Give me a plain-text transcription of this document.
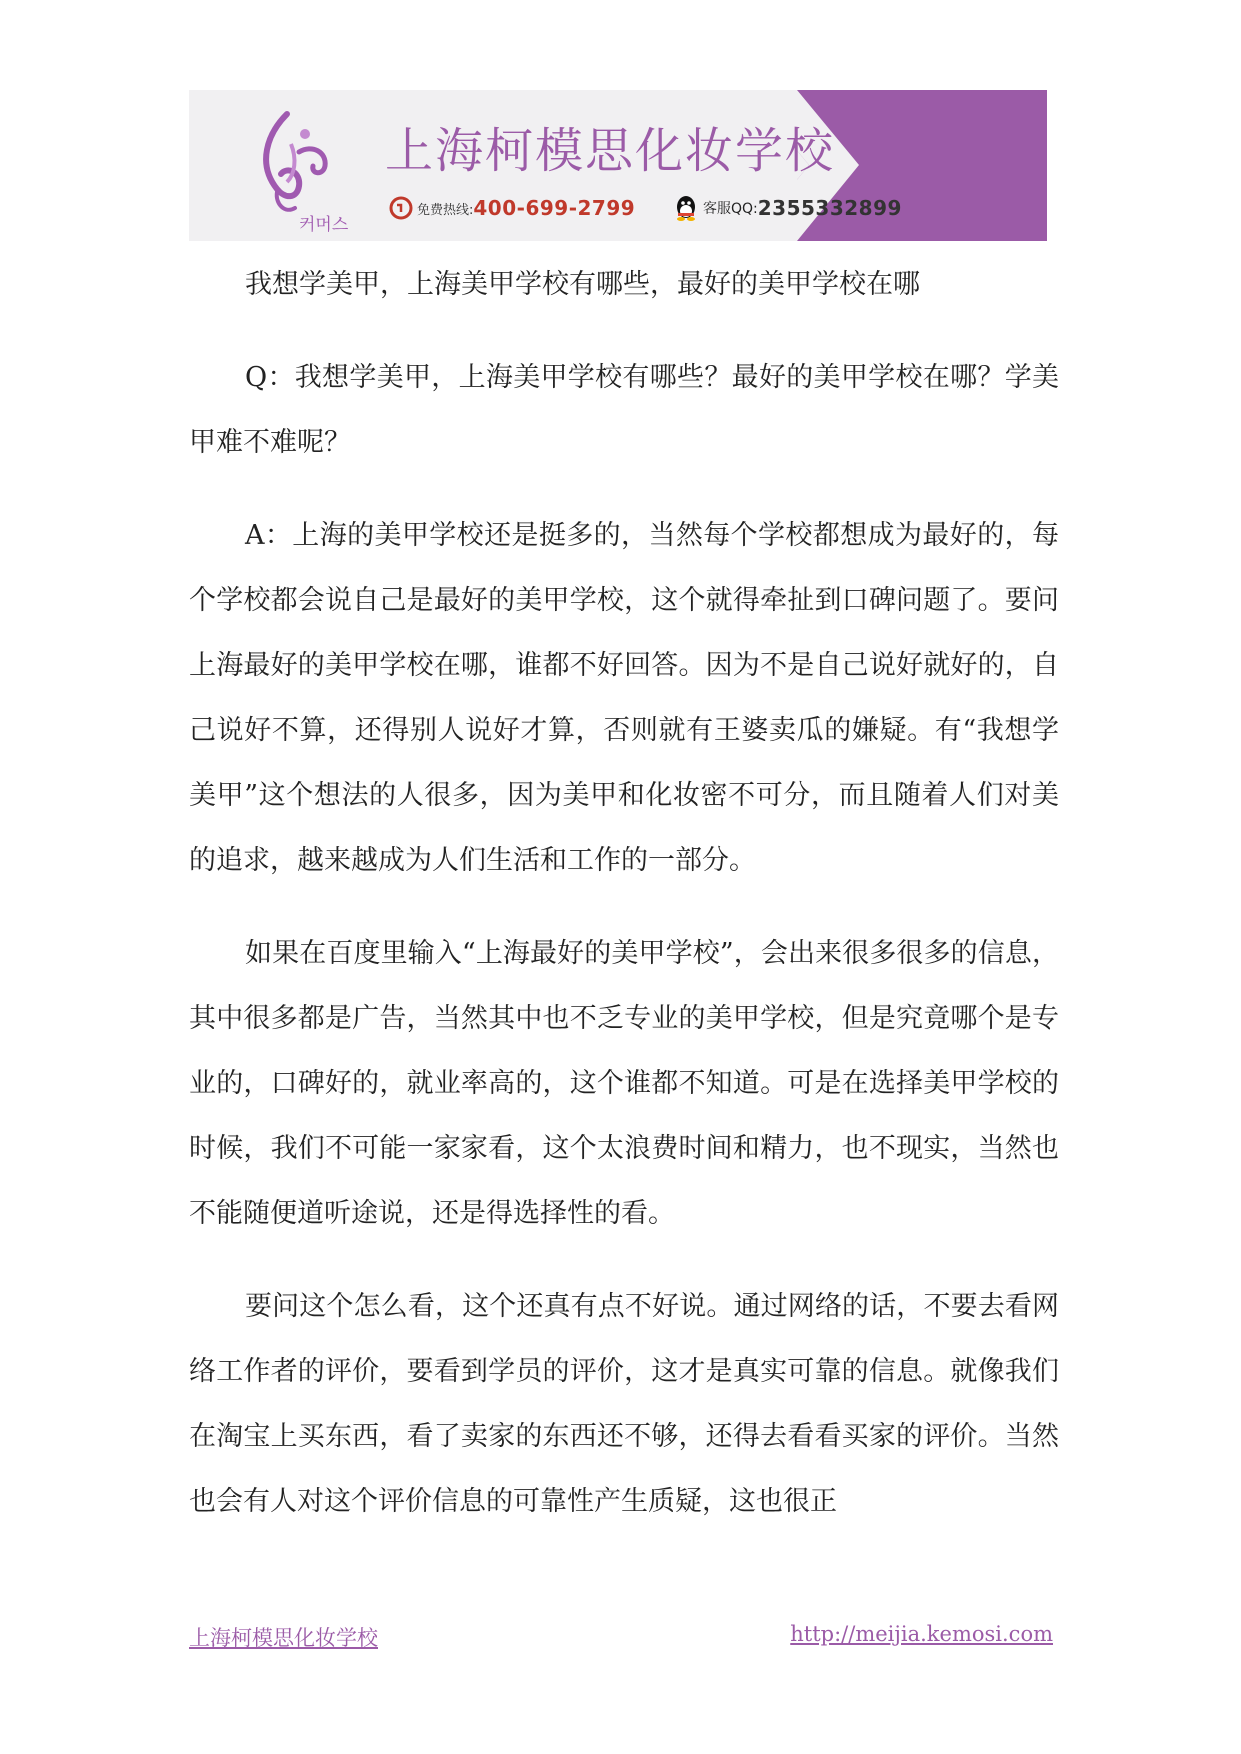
커머스
上海柯模思化妆学校
免费热线: 400-699-2799	客服QQ: 2355332899

我想学美甲，上海美甲学校有哪些，最好的美甲学校在哪

Q：我想学美甲，上海美甲学校有哪些？最好的美甲学校在哪？学美甲难不难呢？

A：上海的美甲学校还是挺多的，当然每个学校都想成为最好的，每个学校都会说自己是最好的美甲学校，这个就得牵扯到口碑问题了。要问上海最好的美甲学校在哪，谁都不好回答。因为不是自己说好就好的，自己说好不算，还得别人说好才算，否则就有王婆卖瓜的嫌疑。有“我想学美甲”这个想法的人很多，因为美甲和化妆密不可分，而且随着人们对美的追求，越来越成为人们生活和工作的一部分。

如果在百度里输入“上海最好的美甲学校”，会出来很多很多的信息，其中很多都是广告，当然其中也不乏专业的美甲学校，但是究竟哪个是专业的，口碑好的，就业率高的，这个谁都不知道。可是在选择美甲学校的时候，我们不可能一家家看，这个太浪费时间和精力，也不现实，当然也不能随便道听途说，还是得选择性的看。

要问这个怎么看，这个还真有点不好说。通过网络的话，不要去看网络工作者的评价，要看到学员的评价，这才是真实可靠的信息。就像我们在淘宝上买东西，看了卖家的东西还不够，还得去看看买家的评价。当然也会有人对这个评价信息的可靠性产生质疑，这也很正

上海柯模思化妆学校	http://meijia.kemosi.com
